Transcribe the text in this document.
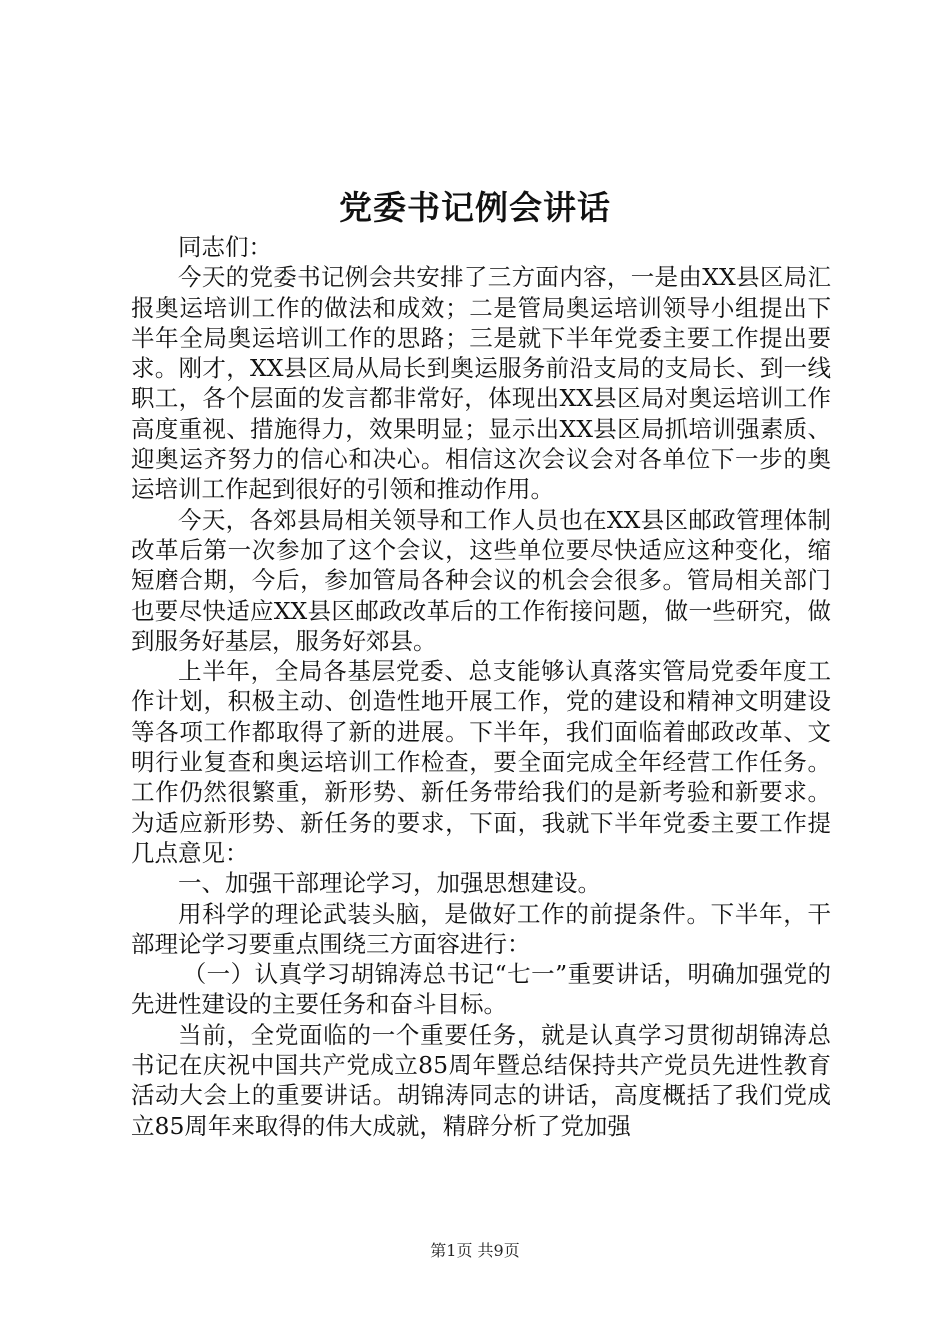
党委书记例会讲话

同志们：

今天的党委书记例会共安排了三方面内容，一是由XX县区局汇报奥运培训工作的做法和成效；二是管局奥运培训领导小组提出下半年全局奥运培训工作的思路；三是就下半年党委主要工作提出要求。刚才，XX县区局从局长到奥运服务前沿支局的支局长、到一线职工，各个层面的发言都非常好，体现出XX县区局对奥运培训工作高度重视、措施得力，效果明显；显示出XX县区局抓培训强素质、迎奥运齐努力的信心和决心。相信这次会议会对各单位下一步的奥运培训工作起到很好的引领和推动作用。

今天，各郊县局相关领导和工作人员也在XX县区邮政管理体制改革后第一次参加了这个会议，这些单位要尽快适应这种变化，缩短磨合期，今后，参加管局各种会议的机会会很多。管局相关部门也要尽快适应XX县区邮政改革后的工作衔接问题，做一些研究，做到服务好基层，服务好郊县。

上半年，全局各基层党委、总支能够认真落实管局党委年度工作计划，积极主动、创造性地开展工作，党的建设和精神文明建设等各项工作都取得了新的进展。下半年，我们面临着邮政改革、文明行业复查和奥运培训工作检查，要全面完成全年经营工作任务。工作仍然很繁重，新形势、新任务带给我们的是新考验和新要求。为适应新形势、新任务的要求，下面，我就下半年党委主要工作提几点意见：

一、加强干部理论学习，加强思想建设。

用科学的理论武装头脑，是做好工作的前提条件。下半年，干部理论学习要重点围绕三方面容进行：

（一）认真学习胡锦涛总书记“七一”重要讲话，明确加强党的先进性建设的主要任务和奋斗目标。

当前，全党面临的一个重要任务，就是认真学习贯彻胡锦涛总书记在庆祝中国共产党成立85周年暨总结保持共产党员先进性教育活动大会上的重要讲话。胡锦涛同志的讲话，高度概括了我们党成立85周年来取得的伟大成就，精辟分析了党加强

第1页 共9页
